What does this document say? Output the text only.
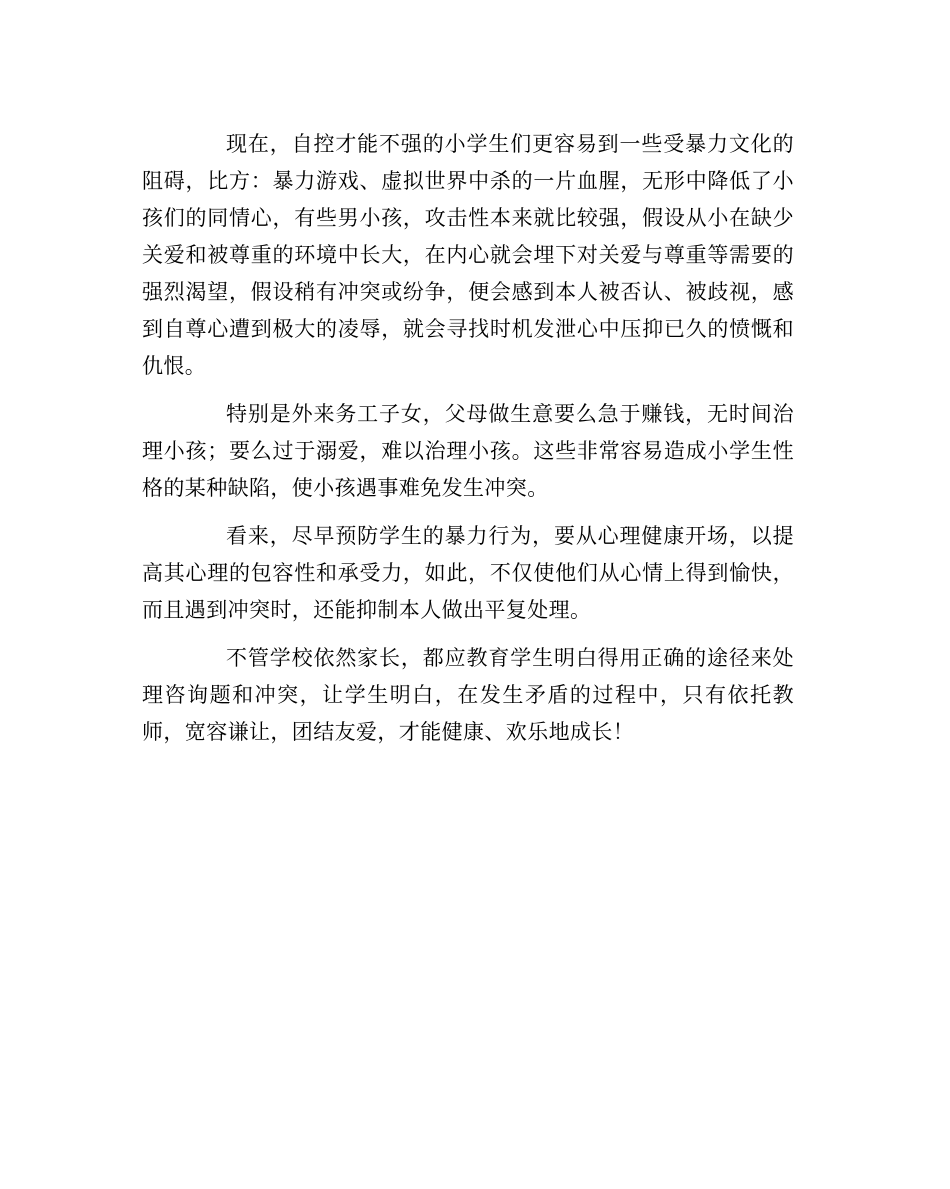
现在，自控才能不强的小学生们更容易到一些受暴力文化的阻碍，比方：暴力游戏、虚拟世界中杀的一片血腥，无形中降低了小孩们的同情心，有些男小孩，攻击性本来就比较强，假设从小在缺少关爱和被尊重的环境中长大，在内心就会埋下对关爱与尊重等需要的强烈渴望，假设稍有冲突或纷争，便会感到本人被否认、被歧视，感到自尊心遭到极大的凌辱，就会寻找时机发泄心中压抑已久的愤慨和仇恨。

特别是外来务工子女，父母做生意要么急于赚钱，无时间治理小孩；要么过于溺爱，难以治理小孩。这些非常容易造成小学生性格的某种缺陷，使小孩遇事难免发生冲突。

看来，尽早预防学生的暴力行为，要从心理健康开场，以提高其心理的包容性和承受力，如此，不仅使他们从心情上得到愉快，而且遇到冲突时，还能抑制本人做出平复处理。

不管学校依然家长，都应教育学生明白得用正确的途径来处理咨询题和冲突，让学生明白，在发生矛盾的过程中，只有依托教师，宽容谦让，团结友爱，才能健康、欢乐地成长！
